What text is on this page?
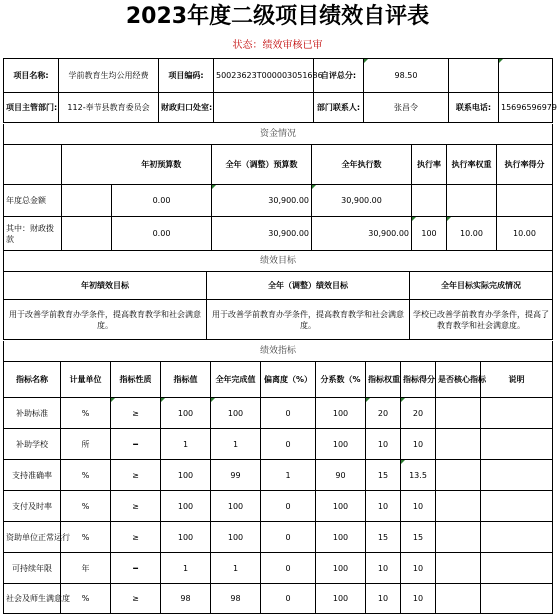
2023年度二级项目绩效自评表
状态：绩效审核已审
项目名称:	学前教育生均公用经费	项目编码:	50023623T000003051686	自评总分:	98.50		
项目主管部门:	112-奉节县教育委员会	财政归口处室:		部门联系人:	张昌令	联系电话:	15696596979
资金情况
		年初预算数	全年（调整）预算数	全年执行数	执行率	执行率权重	执行率得分
年度总金额		0.00	30,900.00	30,900.00			
其中：财政拨款		0.00	30,900.00	30,900.00	100	10.00	10.00
绩效目标
年初绩效目标	全年（调整）绩效目标	全年目标实际完成情况
用于改善学前教育办学条件，提高教育教学和社会满意度。	用于改善学前教育办学条件，提高教育教学和社会满意度。	学校已改善学前教育办学条件，提高了教育教学和社会满意度。
绩效指标
指标名称	计量单位	指标性质	指标值	全年完成值	偏离度（%）	分系数（%	指标权重	指标得分	是否核心指标	说明
补助标准	%	≥	100	100	0	100	20	20		
补助学校	所	━	1	1	0	100	10	10		
支持准确率	%	≥	100	99	1	90	15	13.5		
支付及时率	%	≥	100	100	0	100	10	10		
资助单位正常运行	%	≥	100	100	0	100	15	15		
可持续年限	年	━	1	1	0	100	10	10		
社会及师生满意度	%	≥	98	98	0	100	10	10		
